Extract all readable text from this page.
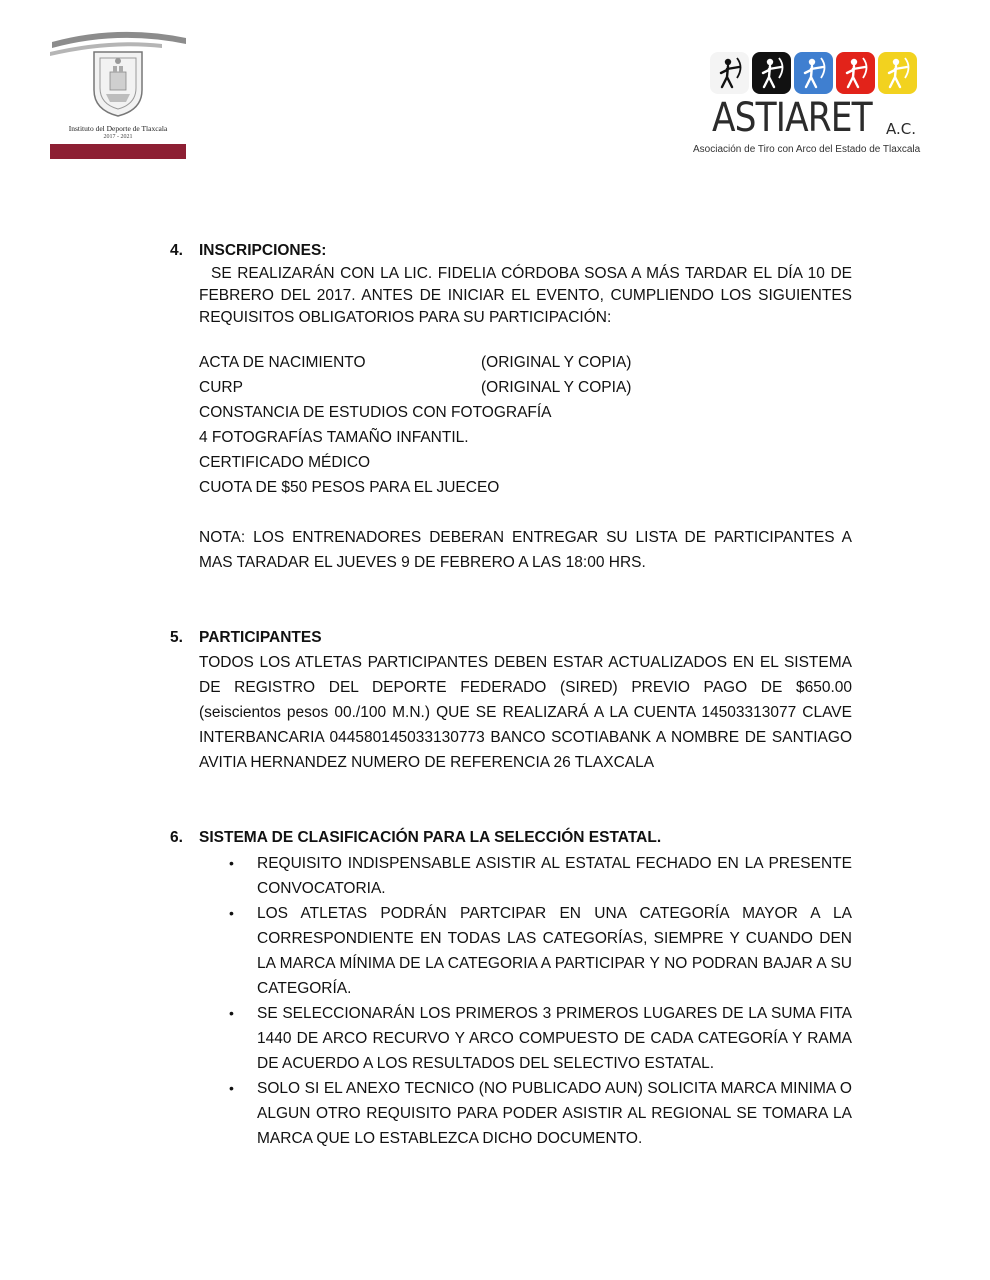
Instituto del Deporte de Tlaxcala
2017 - 2021	ASTIARET A.C.
Asociación de Tiro con Arco del Estado de Tlaxcala
4. INSCRIPCIONES:
SE REALIZARÁN CON LA LIC. FIDELIA CÓRDOBA SOSA A MÁS TARDAR EL DÍA 10 DE FEBRERO DEL 2017. ANTES DE INICIAR EL EVENTO, CUMPLIENDO LOS SIGUIENTES REQUISITOS OBLIGATORIOS PARA SU PARTICIPACIÓN:
ACTA DE NACIMIENTO	(ORIGINAL Y COPIA)
CURP	(ORIGINAL Y COPIA)
CONSTANCIA DE ESTUDIOS CON FOTOGRAFÍA
4 FOTOGRAFÍAS TAMAÑO INFANTIL.
CERTIFICADO MÉDICO
CUOTA DE $50 PESOS PARA EL JUECEO
NOTA: LOS ENTRENADORES DEBERAN ENTREGAR SU LISTA DE PARTICIPANTES A MAS TARADAR EL JUEVES 9 DE FEBRERO A LAS 18:00 HRS.
5. PARTICIPANTES
TODOS LOS ATLETAS PARTICIPANTES DEBEN ESTAR ACTUALIZADOS EN EL SISTEMA DE REGISTRO DEL DEPORTE FEDERADO (SIRED) PREVIO PAGO DE $650.00 (seiscientos pesos 00./100 M.N.) QUE SE REALIZARÁ A LA CUENTA 14503313077 CLAVE INTERBANCARIA 044580145033130773 BANCO SCOTIABANK A NOMBRE DE SANTIAGO AVITIA HERNANDEZ NUMERO DE REFERENCIA 26 TLAXCALA
6. SISTEMA DE CLASIFICACIÓN PARA LA SELECCIÓN ESTATAL.
• REQUISITO INDISPENSABLE ASISTIR AL ESTATAL FECHADO EN LA PRESENTE CONVOCATORIA.
• LOS ATLETAS PODRÁN PARTCIPAR EN UNA CATEGORÍA MAYOR A LA CORRESPONDIENTE EN TODAS LAS CATEGORÍAS, SIEMPRE Y CUANDO DEN LA MARCA MÍNIMA DE LA CATEGORIA A PARTICIPAR Y NO PODRAN BAJAR A SU CATEGORÍA.
• SE SELECCIONARÁN LOS PRIMEROS 3 PRIMEROS LUGARES DE LA SUMA FITA 1440 DE ARCO RECURVO Y ARCO COMPUESTO DE CADA CATEGORÍA Y RAMA DE ACUERDO A LOS RESULTADOS DEL SELECTIVO ESTATAL.
• SOLO SI EL ANEXO TECNICO (NO PUBLICADO AUN) SOLICITA MARCA MINIMA O ALGUN OTRO REQUISITO PARA PODER ASISTIR AL REGIONAL SE TOMARA LA MARCA QUE LO ESTABLEZCA DICHO DOCUMENTO.
